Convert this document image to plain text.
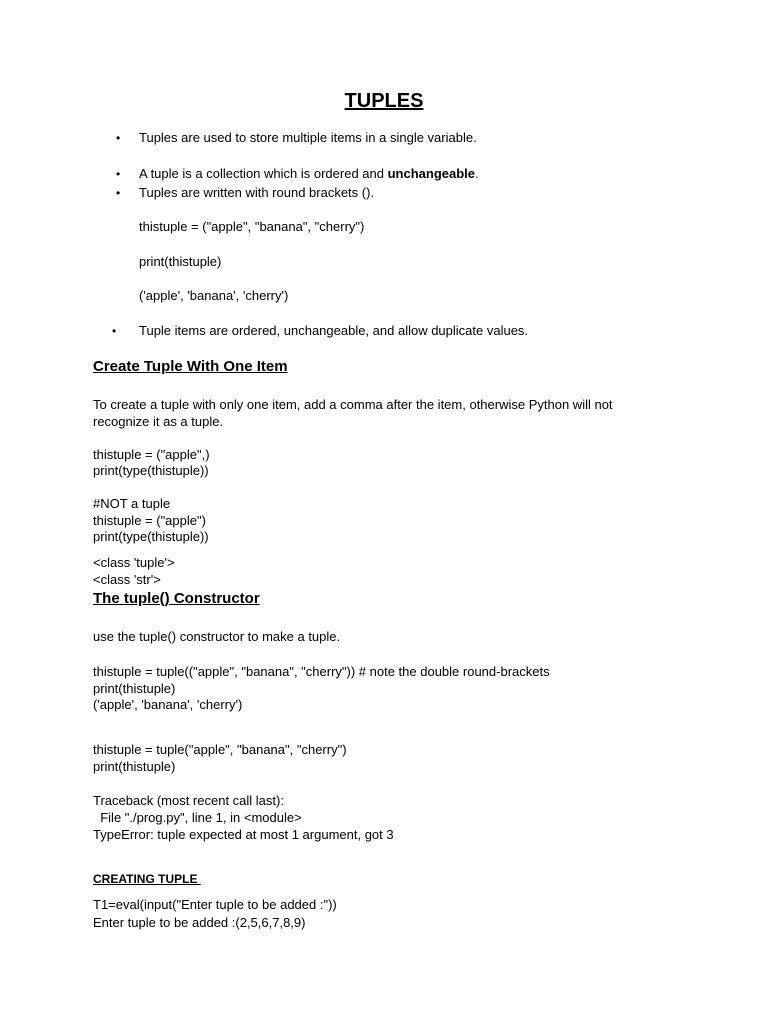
TUPLES
• Tuples are used to store multiple items in a single variable.
• A tuple is a collection which is ordered and unchangeable.
• Tuples are written with round brackets ().
thistuple = ("apple", "banana", "cherry")
print(thistuple)
('apple', 'banana', 'cherry')
• Tuple items are ordered, unchangeable, and allow duplicate values.
Create Tuple With One Item
To create a tuple with only one item, add a comma after the item, otherwise Python will not
recognize it as a tuple.
thistuple = ("apple",)
print(type(thistuple))
#NOT a tuple
thistuple = ("apple")
print(type(thistuple))
<class 'tuple'>
<class 'str'>
The tuple() Constructor
use the tuple() constructor to make a tuple.
thistuple = tuple(("apple", "banana", "cherry")) # note the double round-brackets
print(thistuple)
('apple', 'banana', 'cherry')
thistuple = tuple("apple", "banana", "cherry")
print(thistuple)
Traceback (most recent call last):
File "./prog.py", line 1, in <module>
TypeError: tuple expected at most 1 argument, got 3
CREATING TUPLE
T1=eval(input("Enter tuple to be added :"))
Enter tuple to be added :(2,5,6,7,8,9)
